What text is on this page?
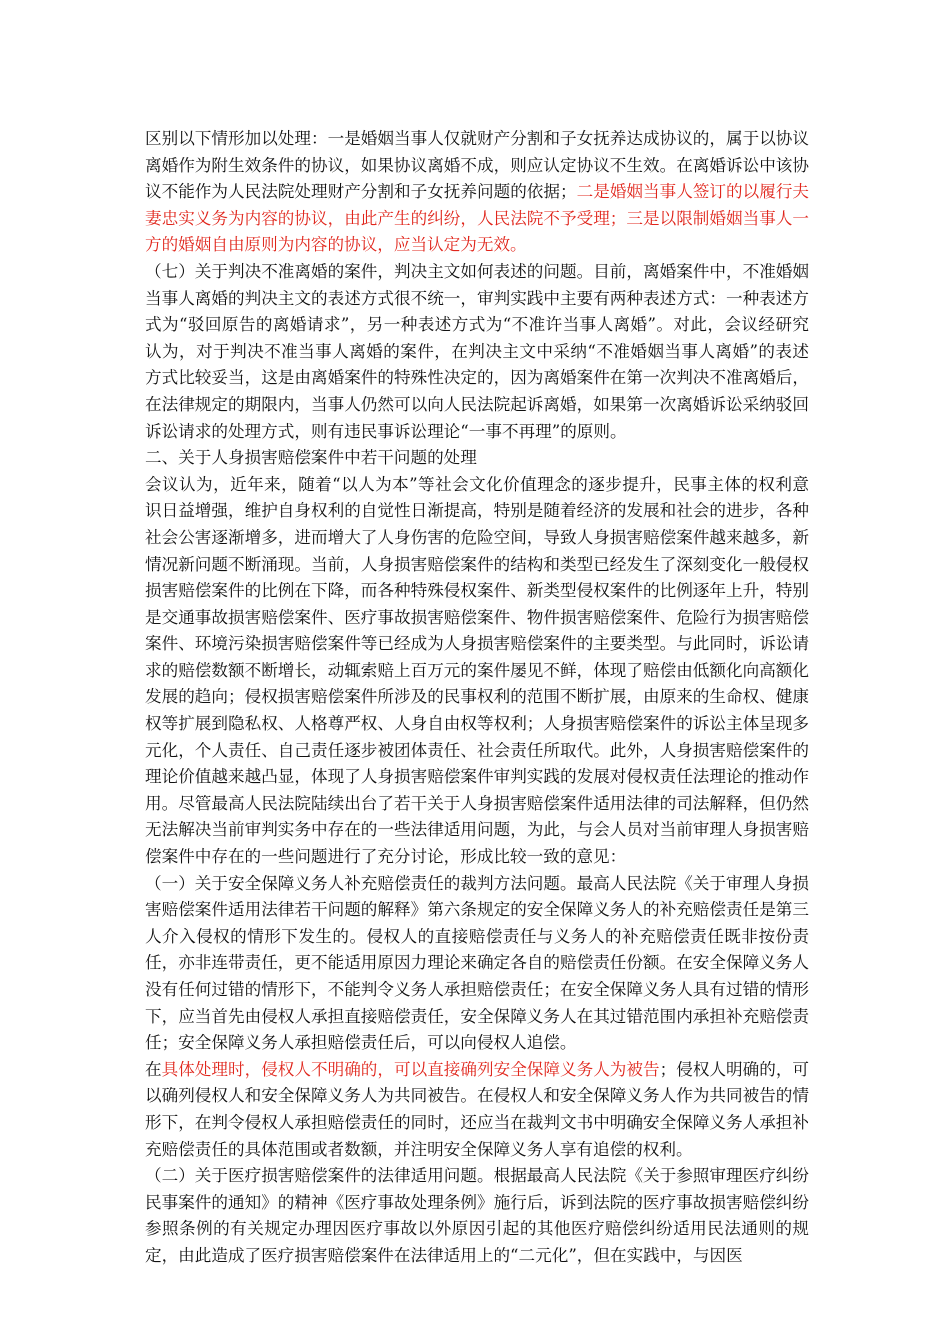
区别以下情形加以处理：一是婚姻当事人仅就财产分割和子女抚养达成协议的，属于以协议离婚作为附生效条件的协议，如果协议离婚不成，则应认定协议不生效。在离婚诉讼中该协议不能作为人民法院处理财产分割和子女抚养问题的依据；二是婚姻当事人签订的以履行夫妻忠实义务为内容的协议，由此产生的纠纷，人民法院不予受理；三是以限制婚姻当事人一方的婚姻自由原则为内容的协议，应当认定为无效。

（七）关于判决不准离婚的案件，判决主文如何表述的问题。目前，离婚案件中，不准婚姻当事人离婚的判决主文的表述方式很不统一，审判实践中主要有两种表述方式：一种表述方式为“驳回原告的离婚请求”，另一种表述方式为“不准许当事人离婚”。对此，会议经研究认为，对于判决不准当事人离婚的案件，在判决主文中采纳“不准婚姻当事人离婚”的表述方式比较妥当，这是由离婚案件的特殊性决定的，因为离婚案件在第一次判决不准离婚后，在法律规定的期限内，当事人仍然可以向人民法院起诉离婚，如果第一次离婚诉讼采纳驳回诉讼请求的处理方式，则有违民事诉讼理论“一事不再理”的原则。

二、关于人身损害赔偿案件中若干问题的处理

会议认为，近年来，随着“以人为本”等社会文化价值理念的逐步提升，民事主体的权利意识日益增强，维护自身权利的自觉性日渐提高，特别是随着经济的发展和社会的进步，各种社会公害逐渐增多，进而增大了人身伤害的危险空间，导致人身损害赔偿案件越来越多，新情况新问题不断涌现。当前，人身损害赔偿案件的结构和类型已经发生了深刻变化一般侵权损害赔偿案件的比例在下降，而各种特殊侵权案件、新类型侵权案件的比例逐年上升，特别是交通事故损害赔偿案件、医疗事故损害赔偿案件、物件损害赔偿案件、危险行为损害赔偿案件、环境污染损害赔偿案件等已经成为人身损害赔偿案件的主要类型。与此同时，诉讼请求的赔偿数额不断增长，动辄索赔上百万元的案件屡见不鲜，体现了赔偿由低额化向高额化发展的趋向；侵权损害赔偿案件所涉及的民事权利的范围不断扩展，由原来的生命权、健康权等扩展到隐私权、人格尊严权、人身自由权等权利；人身损害赔偿案件的诉讼主体呈现多元化，个人责任、自己责任逐步被团体责任、社会责任所取代。此外，人身损害赔偿案件的理论价值越来越凸显，体现了人身损害赔偿案件审判实践的发展对侵权责任法理论的推动作用。尽管最高人民法院陆续出台了若干关于人身损害赔偿案件适用法律的司法解释，但仍然无法解决当前审判实务中存在的一些法律适用问题，为此，与会人员对当前审理人身损害赔偿案件中存在的一些问题进行了充分讨论，形成比较一致的意见：

（一）关于安全保障义务人补充赔偿责任的裁判方法问题。最高人民法院《关于审理人身损害赔偿案件适用法律若干问题的解释》第六条规定的安全保障义务人的补充赔偿责任是第三人介入侵权的情形下发生的。侵权人的直接赔偿责任与义务人的补充赔偿责任既非按份责任，亦非连带责任，更不能适用原因力理论来确定各自的赔偿责任份额。在安全保障义务人没有任何过错的情形下，不能判令义务人承担赔偿责任；在安全保障义务人具有过错的情形下，应当首先由侵权人承担直接赔偿责任，安全保障义务人在其过错范围内承担补充赔偿责任；安全保障义务人承担赔偿责任后，可以向侵权人追偿。

在具体处理时，侵权人不明确的，可以直接确列安全保障义务人为被告；侵权人明确的，可以确列侵权人和安全保障义务人为共同被告。在侵权人和安全保障义务人作为共同被告的情形下，在判令侵权人承担赔偿责任的同时，还应当在裁判文书中明确安全保障义务人承担补充赔偿责任的具体范围或者数额，并注明安全保障义务人享有追偿的权利。

（二）关于医疗损害赔偿案件的法律适用问题。根据最高人民法院《关于参照审理医疗纠纷民事案件的通知》的精神《医疗事故处理条例》施行后，诉到法院的医疗事故损害赔偿纠纷参照条例的有关规定办理因医疗事故以外原因引起的其他医疗赔偿纠纷适用民法通则的规定，由此造成了医疗损害赔偿案件在法律适用上的“二元化”，但在实践中，与因医
